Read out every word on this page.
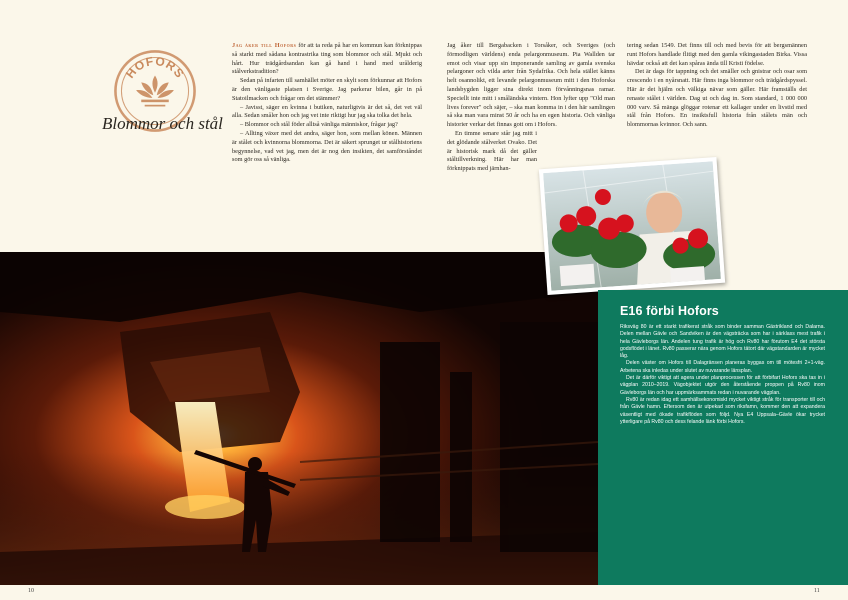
HOFORS
Blommor och stål

Jag åker till Hofors för att ta reda på har en kommun kan förknippas så starkt med sådana kontrastrika ting som blommor och stål. Mjukt och hårt. Hur trädgårdsandan kan gå hand i hand med urålderig stålverkstradition?

Sedan på infarten till samhället möter en skylt som förkunnar att Hofors är den vänligaste platsen i Sverige. Jag parkerar bilen, går in på Statoilmacken och frågar om det stämmer?

– Javisst, säger en kvinna i butiken, naturligtvis är det så, det vet väl alla. Sedan småler hon och jag vet inte riktigt hur jag ska tolka det hela.

– Blommor och stål föder alltså vänliga människor, frågar jag?

– Allting växer med det andra, säger hon, som mellan könen. Männen är stålet och kvinnorna blommorna. Det är säkert sprunget ur stålhistoriens begynnelse, vad vet jag, men det är nog den insikten, det samförståndet som gör oss så vänliga.

Jag åker till Bergabacken i Torsåker, och Sveriges (och förmodligen världens) enda pelargonmuseum. Pia Wallden tar emot och visar upp sin imponerande samling av gamla svenska pelargoner och vilda arter från Sydafrika. Och hela stället känns helt osannolikt, ett levande pelargonmuseum mitt i den Hoforska landsbygden ligger sina direkt inom förvånningsnas ramar. Speciellt inte mitt i småländska vintern. Hon lyfter upp "Old man lives forever" och säjer, – ska man komma in i den här samlingen så ska man vara minst 50 år och ha en egen historia. Och vänliga historier verkar det finnas gott om i Hofors.

En timme senare står jag mitt i det glödande stålverket Ovako. Det är historisk mark då det gäller ståltillverkning. Här har man förknippats med järnhan-

tering sedan 1549. Det finns till och med bevis för att bergsmännen runt Hofors handlade flitigt med den gamla vikingastaden Birka. Vissa hävdar också att det kan spåras ända till Kristi födelse.

Det är dags för tappning och det smäller och gnistrar och osar som crescendo i en nyårsnatt. Här finns inga blommor och trädgårdspyssel. Här är det hjälm och välkiga nävar som gäller. Här framställs det renaste stålet i världen. Dag ut och dag in. Som standard, 1 000 000 000 varv. Så mänga glöggar rotenar ett kallager under en livstid med stål från Hofors. En insiktsfull historia från stålets män och blommornas kvinnor. Och sann.

E16 förbi Hofors

Riksväg 80 är ett starkt trafikerat stråk som binder samman Gästrikland och Dalarna. Delen mellan Gävle och Sandviken är den vägsträcka som har i särklass mest trafik i hela Gävleborgs län. Andelen tung trafik är hög och Rv80 har förutom E4 det största godsflödet i länet. Rv80 passerar nära genom Hofors tätort där vägstandarden är mycket låg.

Delen väster om Hofors till Dalagränsen planeras byggas om till mötesfri 2+1-väg. Arbetena ska inledas under slutet av nuvarande länsplan.

Det är därför viktigt att agera under planprocessen för att förbifart Hofors ska tas in i vägplan 2010–2019. Vägobjektet utgör den återstående proppen på Rv80 inom Gävleborgs län och har uppmärksammats redan i nuvarande vägplan.

Rv80 är redan idag ett samhällsekonomiskt mycket viktigt stråk för transporter till och från Gävle hamn. Eftersom den är utpekad som riksfamn, kommer den att expandera väsentligt med ökade trafikflöden som följd. Nya E4 Uppsala–Gävle ökar trycket ytterligare på Rv80 och dess felande länk förbi Hofors.

10	11
